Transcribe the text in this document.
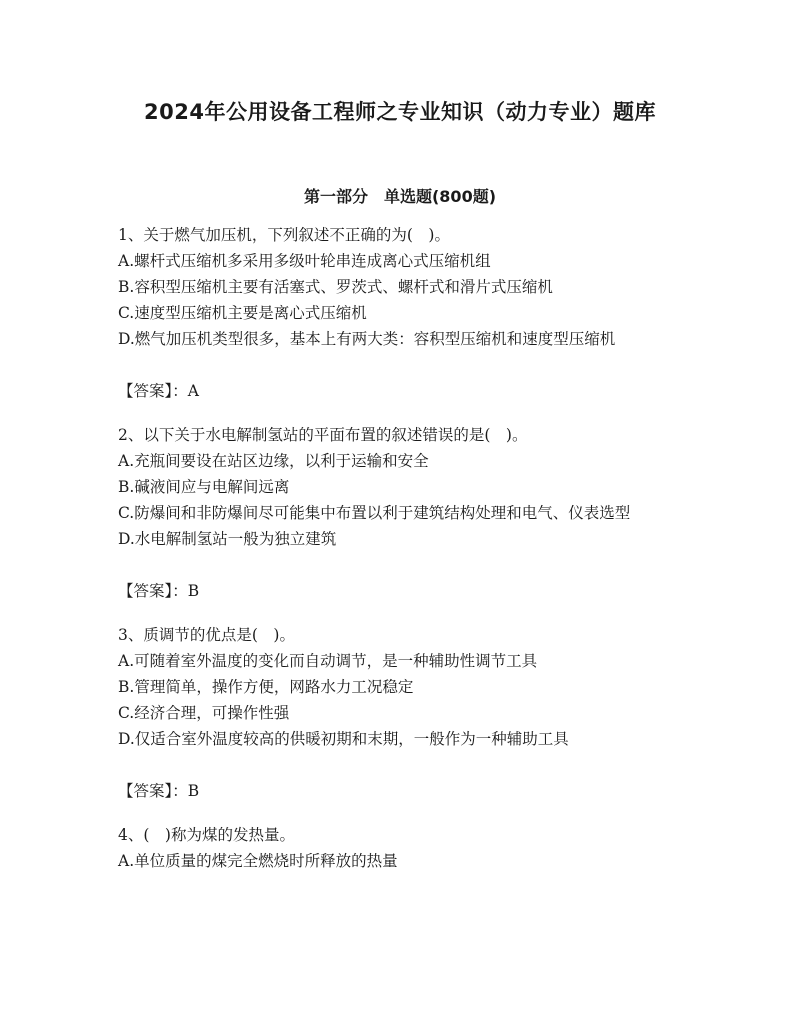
2024年公用设备工程师之专业知识（动力专业）题库
第一部分　单选题(800题)

1、关于燃气加压机，下列叙述不正确的为(　)。

A.螺杆式压缩机多采用多级叶轮串连成离心式压缩机组

B.容积型压缩机主要有活塞式、罗茨式、螺杆式和滑片式压缩机

C.速度型压缩机主要是离心式压缩机

D.燃气加压机类型很多，基本上有两大类：容积型压缩机和速度型压缩机

【答案】：A

2、以下关于水电解制氢站的平面布置的叙述错误的是(　)。

A.充瓶间要设在站区边缘，以利于运输和安全

B.碱液间应与电解间远离

C.防爆间和非防爆间尽可能集中布置以利于建筑结构处理和电气、仪表选型

D.水电解制氢站一般为独立建筑

【答案】：B

3、质调节的优点是(　)。

A.可随着室外温度的变化而自动调节，是一种辅助性调节工具

B.管理简单，操作方便，网路水力工况稳定

C.经济合理，可操作性强

D.仅适合室外温度较高的供暖初期和末期，一般作为一种辅助工具

【答案】：B

4、(　)称为煤的发热量。

A.单位质量的煤完全燃烧时所释放的热量
